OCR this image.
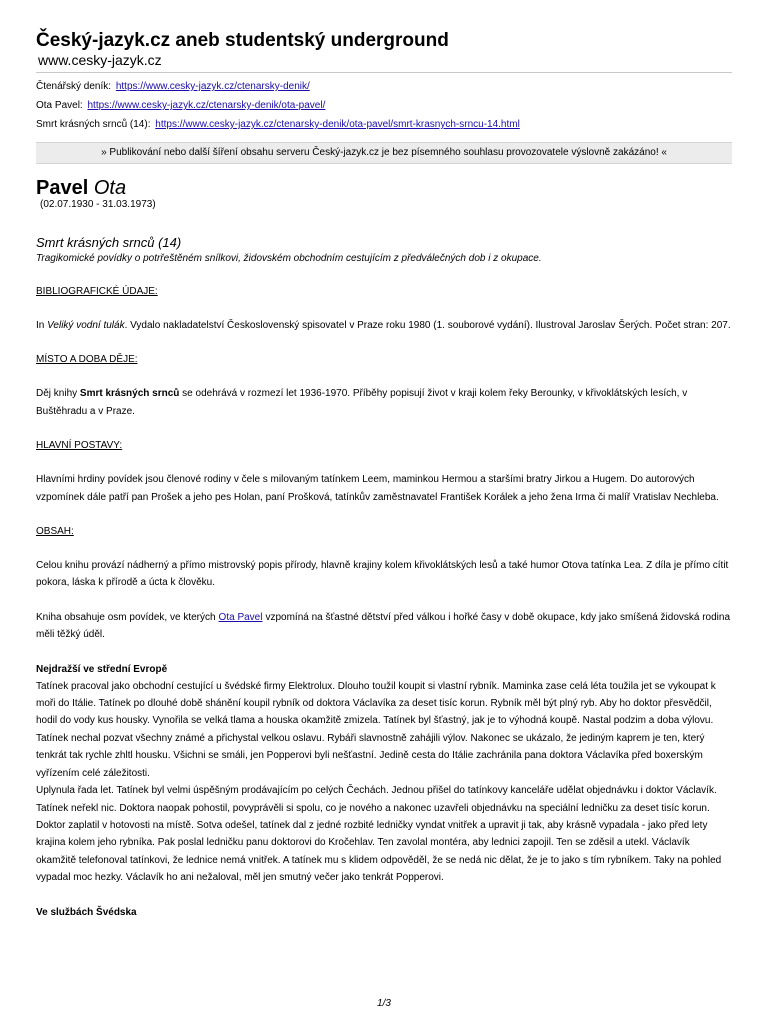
Český-jazyk.cz aneb studentský underground
www.cesky-jazyk.cz
Čtenářský deník: https://www.cesky-jazyk.cz/ctenarsky-denik/
Ota Pavel: https://www.cesky-jazyk.cz/ctenarsky-denik/ota-pavel/
Smrt krásných srnců (14): https://www.cesky-jazyk.cz/ctenarsky-denik/ota-pavel/smrt-krasnych-srncu-14.html
» Publikování nebo další šíření obsahu serveru Český-jazyk.cz je bez písemného souhlasu provozovatele výslovně zakázáno! «
Pavel Ota
(02.07.1930 - 31.03.1973)
Smrt krásných srnců (14)
Tragikomické povídky o potrřeštěném snílkovi, židovském obchodním cestujícím z předválečných dob i z okupace.
BIBLIOGRAFICKÉ ÚDAJE:
In Veliký vodní tulák. Vydalo nakladatelství Československý spisovatel v Praze roku 1980 (1. souborové vydání). Ilustroval Jaroslav Šerých. Počet stran: 207.
MÍSTO A DOBA DĚJE:
Děj knihy Smrt krásných srnců se odehrává v rozmezí let 1936-1970. Příběhy popisují život v kraji kolem řeky Berounky, v křivoklátských lesích, v Buštěhradu a v Praze.
HLAVNÍ POSTAVY:
Hlavními hrdiny povídek jsou členové rodiny v čele s milovaným tatínkem Leem, maminkou Hermou a staršími bratry Jirkou a Hugem. Do autorových vzpomínek dále patří pan Prošek a jeho pes Holan, paní Prošková, tatínkův zaměstnavatel František Korálek a jeho žena Irma či malíř Vratislav Nechleba.
OBSAH:
Celou knihu provází nádherný a přímo mistrovský popis přírody, hlavně krajiny kolem křivoklátských lesů a také humor Otova tatínka Lea. Z díla je přímo cítit pokora, láska k přírodě a úcta k člověku.
Kniha obsahuje osm povídek, ve kterých Ota Pavel vzpomíná na šťastné dětství před válkou i hořké časy v době okupace, kdy jako smíšená židovská rodina měli těžký úděl.
Nejdražší ve střední Evropě
Tatínek pracoval jako obchodní cestující u švédské firmy Elektrolux. Dlouho toužil koupit si vlastní rybník. Maminka zase celá léta toužila jet se vykoupat k moři do Itálie. Tatínek po dlouhé době shánění koupil rybník od doktora Václavíka za deset tisíc korun. Rybník měl být plný ryb. Aby ho doktor přesvědčil, hodil do vody kus housky. Vynořila se velká tlama a houska okamžitě zmizela. Tatínek byl šťastný, jak je to výhodná koupě. Nastal podzim a doba výlovu. Tatínek nechal pozvat všechny známé a přichystal velkou oslavu. Rybáři slavnostně zahájili výlov. Nakonec se ukázalo, že jediným kaprem je ten, který tenkrát tak rychle zhltl housku. Všichni se smáli, jen Popperovi byli nešťastní. Jedině cesta do Itálie zachránila pana doktora Václavíka před boxerským vyřízením celé záležitosti.
Uplynula řada let. Tatínek byl velmi úspěšným prodávajícím po celých Čechách. Jednou přišel do tatínkovy kanceláře udělat objednávku i doktor Václavík. Tatínek neřekl nic. Doktora naopak pohostil, povyprávěli si spolu, co je nového a nakonec uzavřeli objednávku na speciální ledničku za deset tisíc korun. Doktor zaplatil v hotovosti na místě. Sotva odešel, tatínek dal z jedné rozbité ledničky vyndat vnitřek a upravit ji tak, aby krásně vypadala - jako před lety krajina kolem jeho rybníka. Pak poslal ledničku panu doktorovi do Kročehlav. Ten zavolal montéra, aby lednici zapojil. Ten se zděsil a utekl. Václavík okamžitě telefonoval tatínkovi, že lednice nemá vnitřek. A tatínek mu s klidem odpověděl, že se nedá nic dělat, že je to jako s tím rybníkem. Taky na pohled vypadal moc hezky. Václavík ho ani nežaloval, měl jen smutný večer jako tenkrát Popperovi.
Ve službách Švédska
1/3
